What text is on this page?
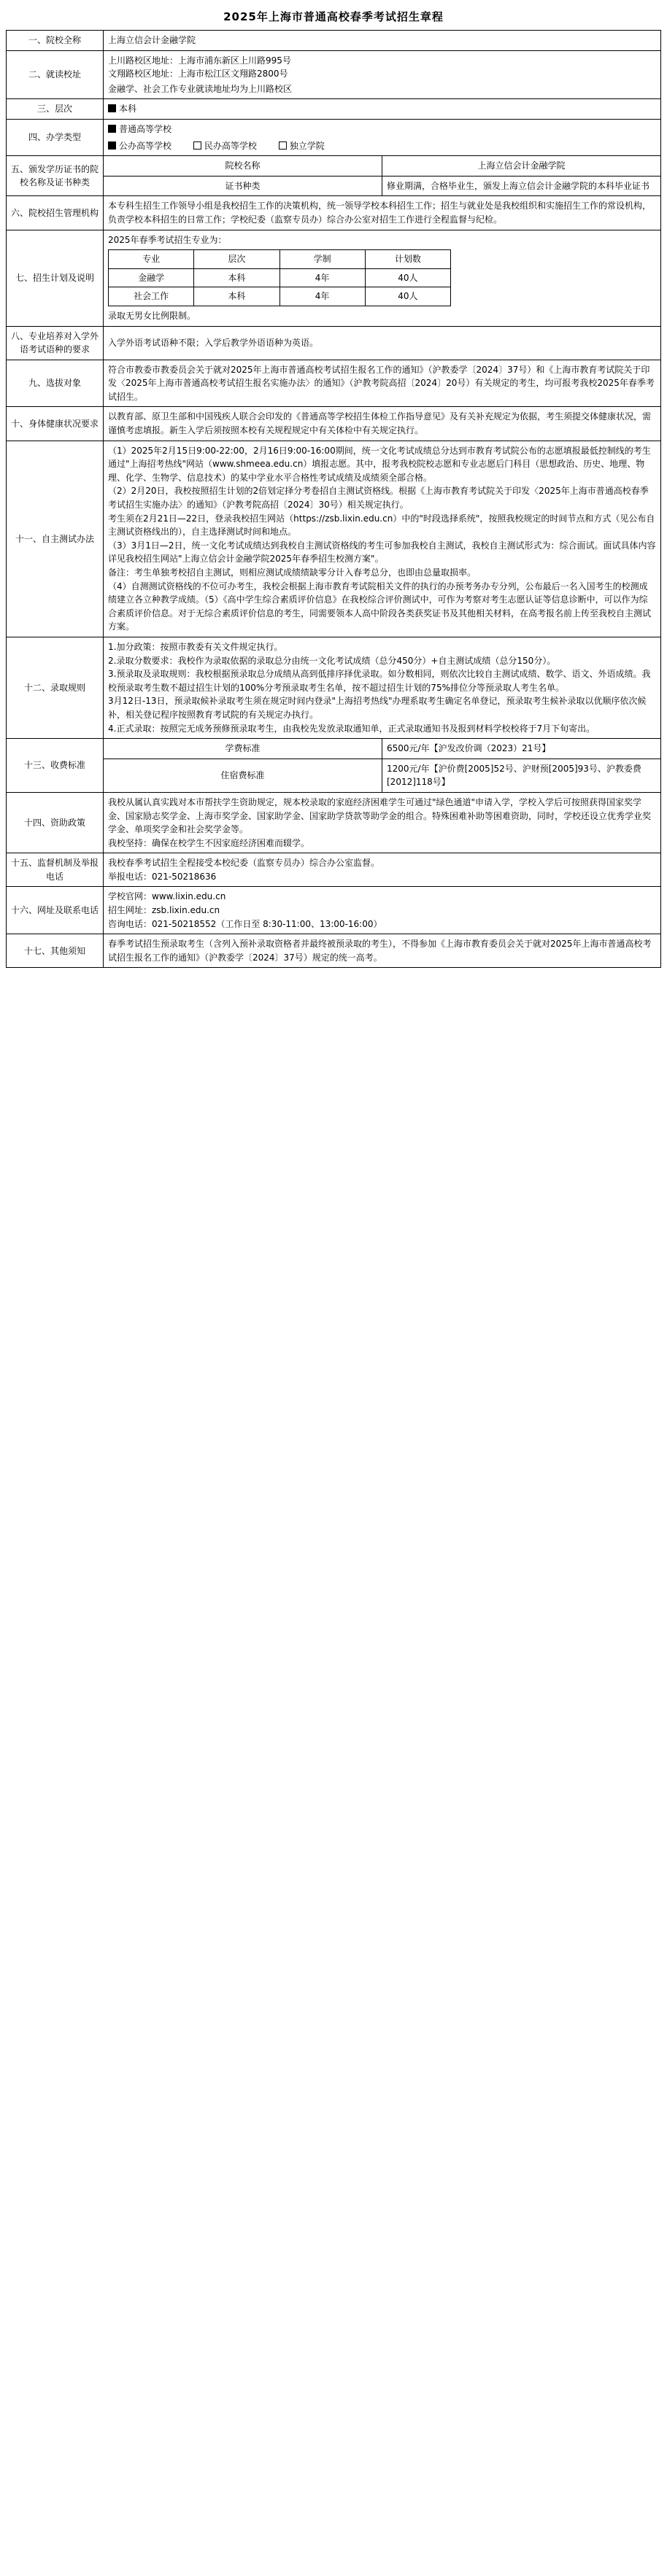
2025年上海市普通高校春季考试招生章程
一、院校全称	上海立信会计金融学院
二、就读校址	
上川路校区地址：上海市浦东新区上川路995号
文翔路校区地址：上海市松江区文翔路2800号
金融学、社会工作专业就读地址均为上川路校区

三、层次	本科
四、办学类型	
普通高等学校
公办高等学校	民办高等学校	独立学院

五、颁发学历证书的院校名称及证书种类	院校名称	上海立信会计金融学院
证书种类	修业期满，合格毕业生，颁发上海立信会计金融学院的本科毕业证书
六、院校招生管理机构	本专科生招生工作领导小组是我校招生工作的决策机构，统一领导学校本科招生工作；招生与就业处是我校组织和实施招生工作的常设机构，负责学校本科招生的日常工作；学校纪委（监察专员办）综合办公室对招生工作进行全程监督与纪检。
七、招生计划及说明	
2025年春季考试招生专业为：
专业	层次	学制	计划数
金融学	本科	4年	40人
社会工作	本科	4年	40人
录取无男女比例限制。

八、专业培养对入学外语考试语种的要求	入学外语考试语种不限；入学后教学外语语种为英语。
九、选拔对象	符合市教委市教委员会关于就对2025年上海市普通高校考试招生报名工作的通知》（沪教委学〔2024〕37号）和《上海市教育考试院关于印发〈2025年上海市普通高校考试招生报名实施办法〉的通知》（沪教考院高招〔2024〕20号）有关规定的考生，均可报考我校2025年春季考试招生。
十、身体健康状况要求	以教育部、原卫生部和中国残疾人联合会印发的《普通高等学校招生体检工作指导意见》及有关补充规定为依据，考生须提交体健康状况，需谨慎考虑填报。新生入学后须按照本校有关规程规定中有关体检中有关规定执行。
十一、自主测试办法	

（1）2025年2月15日9:00-22:00，2月16日9:00-16:00期间，统一文化考试成绩总分达到市教育考试院公布的志愿填报最低控制线的考生通过"上海招考热线"网站（www.shmeea.edu.cn）填报志愿。其中，报考我校院校志愿和专业志愿后门科目（思想政治、历史、地理、物理、化学、生物学、信息技术）的某中学业水平合格性考试成绩及成绩须全部合格。

（2）2月20日，我校按照招生计划的2倍划定择分考卷招自主测试资格线。根据《上海市教育考试院关于印发〈2025年上海市普通高校春季考试招生实施办法〉的通知》（沪教考院高招〔2024〕30号）相关规定执行。

考生须在2月21日—22日，登录我校招生网站（https://zsb.lixin.edu.cn）中的"时段选择系统"，按照我校规定的时间节点和方式（见公布自主测试资格线出的），自主选择测试时间和地点。

（3）3月1日—2日，统一文化考试成绩达到我校自主测试资格线的考生可参加我校自主测试，我校自主测试形式为：综合面试。面试具体内容详见我校招生网站"上海立信会计金融学院2025年春季招生校测方案"。

备注：考生单独考校招自主测试，则相应测试成绩绩缺零分计入春考总分，也即由总量取损率。

（4）自测测试资格线的不位可办考生，我校会根据上海市教育考试院相关文件的执行的办预考务办专分列，公布最后一名入国考生的校测成绩建立各立种教学成绩。（5）《高中学生综合素质评价信息》在我校综合评价测试中，可作为考察对考生志愿认证等信息诊断中，可以作为综合素质评价信息。对于无综合素质评价信息的考生，同需要领本人高中阶段各类获奖证书及其他相关材料，在高考报名前上传至我校自主测试方案。

十二、录取规则	

1.加分政策：按照市教委有关文件规定执行。

2.录取分数要求：我校作为录取依据的录取总分由统一文化考试成绩（总分450分）+自主测试成绩（总分150分）。

3.预录取及录取规则：我校根据预录取总分成绩从高到低排序择优录取。如分数相同，则依次比较自主测试成绩、数学、语文、外语成绩。我校预录取考生数不超过招生计划的100%分考预录取考生名单，按不超过招生计划的75%排位分等预录取人考生名单。

3月12日-13日，预录取候补录取考生须在规定时间内登录"上海招考热线"办理系取考生确定名单登记，预录取考生候补录取以优顺序依次候补，相关登记程序按照教育考试院的有关规定办执行。

4.正式录取：按照完无成务预修预录取考生，由我校先发放录取通知单，正式录取通知书及报到材料学校校将于7月下旬寄出。

十三、收费标准	学费标准	6500元/年【沪发改价调（2023）21号】
住宿费标准	1200元/年【沪价费[2005]52号、沪财预[2005]93号、沪教委费[2012]118号】
十四、资助政策	

我校从属认真实践对本市帮扶学生资助规定，规本校录取的家庭经济困难学生可通过"绿色通道"申请入学，学校入学后可按照获得国家奖学金、国家励志奖学金、上海市奖学金、国家助学金、国家助学贷款等助学金的组合。特殊困难补助等困难资助，同时，学校还设立优秀学业奖学金、单项奖学金和社会奖学金等。

我校坚持：确保在校学生不因家庭经济困难而辍学。

十五、监督机制及举报电话	

我校春季考试招生全程接受本校纪委（监察专员办）综合办公室监督。

举报电话：021-50218636

十六、网址及联系电话	

学校官网：www.lixin.edu.cn

招生网址：zsb.lixin.edu.cn

咨询电话：021-50218552（工作日至 8:30-11:00、13:00-16:00）

十七、其他须知	

春季考试招生预录取考生（含列入预补录取资格者并最终被预录取的考生），不得参加《上海市教育委员会关于就对2025年上海市普通高校考试招生报名工作的通知》（沪教委学〔2024〕37号）规定的统一高考。
